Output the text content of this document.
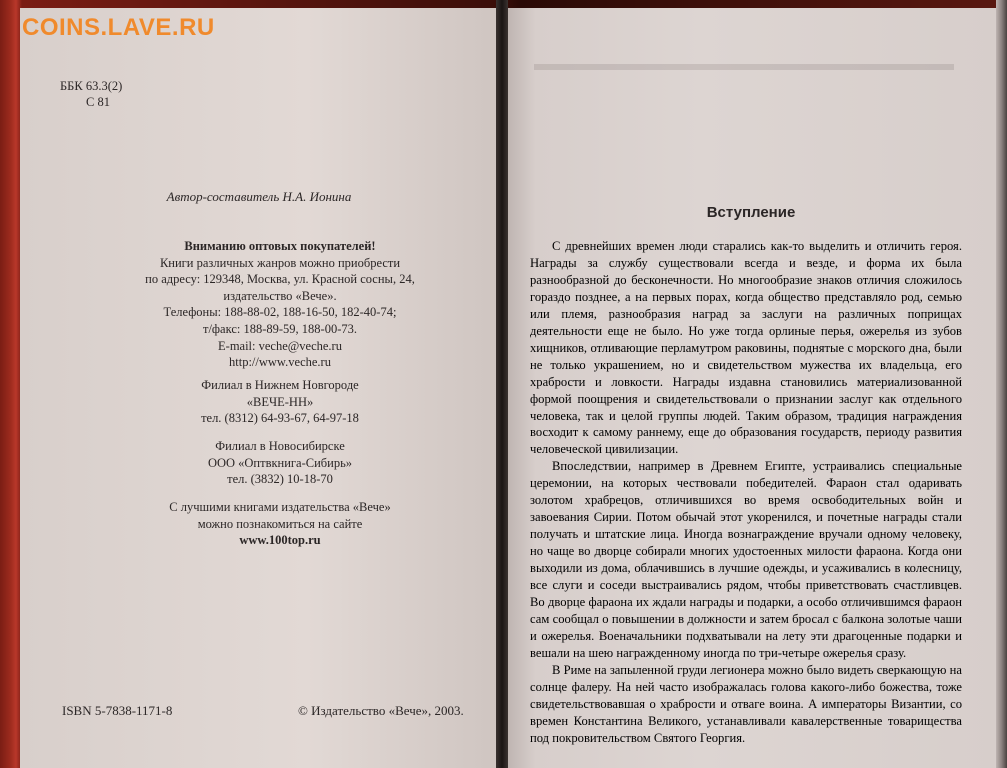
ББК 63.3(2)
С 81
Автор-составитель Н.А. Ионина
Вниманию оптовых покупателей!
Книги различных жанров можно приобрести
по адресу: 129348, Москва, ул. Красной сосны, 24,
издательство «Вече».
Телефоны: 188-88-02, 188-16-50, 182-40-74;
т/факс: 188-89-59, 188-00-73.
E-mail: veche@veche.ru
http://www.veche.ru
Филиал в Нижнем Новгороде
«ВЕЧЕ-НН»
тел. (8312) 64-93-67, 64-97-18
Филиал в Новосибирске
ООО «Оптвкнига-Сибирь»
тел. (3832) 10-18-70
С лучшими книгами издательства «Вече»
можно познакомиться на сайте
www.100top.ru
ISBN 5-7838-1171-8	© Издательство «Вече», 2003.
Вступление

С древнейших времен люди старались как-то выделить и отличить героя. Награды за службу существовали всегда и везде, и форма их была разнообразной до бесконечности. Но многообразие знаков отличия сложилось гораздо позднее, а на первых порах, когда общество представляло род, семью или племя, разнообразия наград за заслуги на различных поприщах деятельности еще не было. Но уже тогда орлиные перья, ожерелья из зубов хищников, отливающие перламутром раковины, поднятые с морского дна, были не только украшением, но и свидетельством мужества их владельца, его храбрости и ловкости. Награды издавна становились материализованной формой поощрения и свидетельствовали о признании заслуг как отдельного человека, так и целой группы людей. Таким образом, традиция награждения восходит к самому раннему, еще до образования государств, периоду развития человеческой цивилизации.

Впоследствии, например в Древнем Египте, устраивались специальные церемонии, на которых чествовали победителей. Фараон стал одаривать золотом храбрецов, отличившихся во время освободительных войн и завоевания Сирии. Потом обычай этот укоренился, и почетные награды стали получать и штатские лица. Иногда вознаграждение вручали одному человеку, но чаще во дворце собирали многих удостоенных милости фараона. Когда они выходили из дома, облачившись в лучшие одежды, и усаживались в колесницу, все слуги и соседи выстраивались рядом, чтобы приветствовать счастливцев. Во дворце фараона их ждали награды и подарки, а особо отличившимся фараон сам сообщал о повышении в должности и затем бросал с балкона золотые чаши и ожерелья. Военачальники подхватывали на лету эти драгоценные подарки и вешали на шею награжденному иногда по три-четыре ожерелья сразу.

В Риме на запыленной груди легионера можно было видеть сверкающую на солнце фалеру. На ней часто изображалась голова какого-либо божества, тоже свидетельствовавшая о храбрости и отваге воина. А императоры Византии, со времен Константина Великого, устанавливали кавалерственные товарищества под покровительством Святого Георгия.

COINS.LAVE.RU
